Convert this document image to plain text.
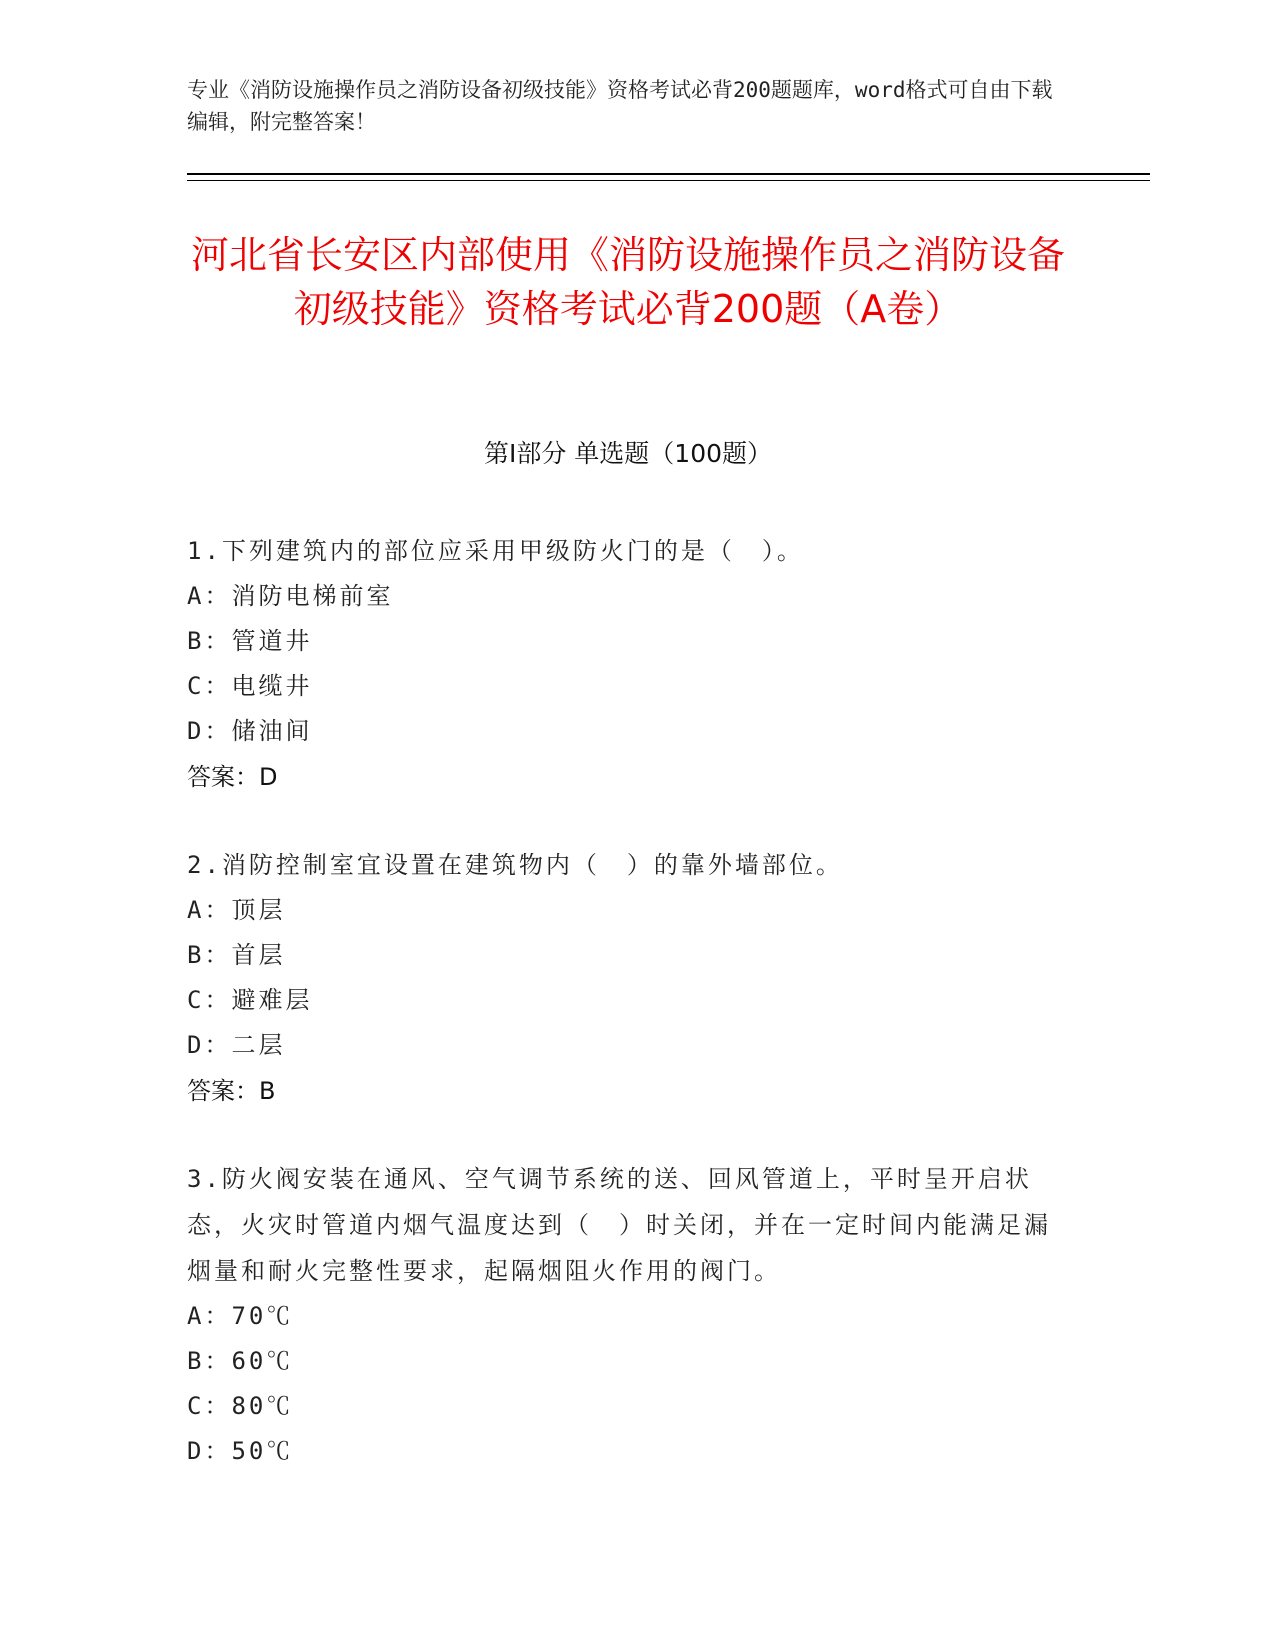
专业《消防设施操作员之消防设备初级技能》资格考试必背200题题库，word格式可自由下载编辑，附完整答案！

河北省长安区内部使用《消防设施操作员之消防设备初级技能》资格考试必背200题（A卷）
第Ⅰ部分 单选题（100题）

1.下列建筑内的部位应采用甲级防火门的是（　）。

A：消防电梯前室

B：管道井

C：电缆井

D：储油间

答案：D

2.消防控制室宜设置在建筑物内（　）的靠外墙部位。

A：顶层

B：首层

C：避难层

D：二层

答案：B

3.防火阀安装在通风、空气调节系统的送、回风管道上，平时呈开启状态，火灾时管道内烟气温度达到（　）时关闭，并在一定时间内能满足漏烟量和耐火完整性要求，起隔烟阻火作用的阀门。

A：70℃

B：60℃

C：80℃

D：50℃
